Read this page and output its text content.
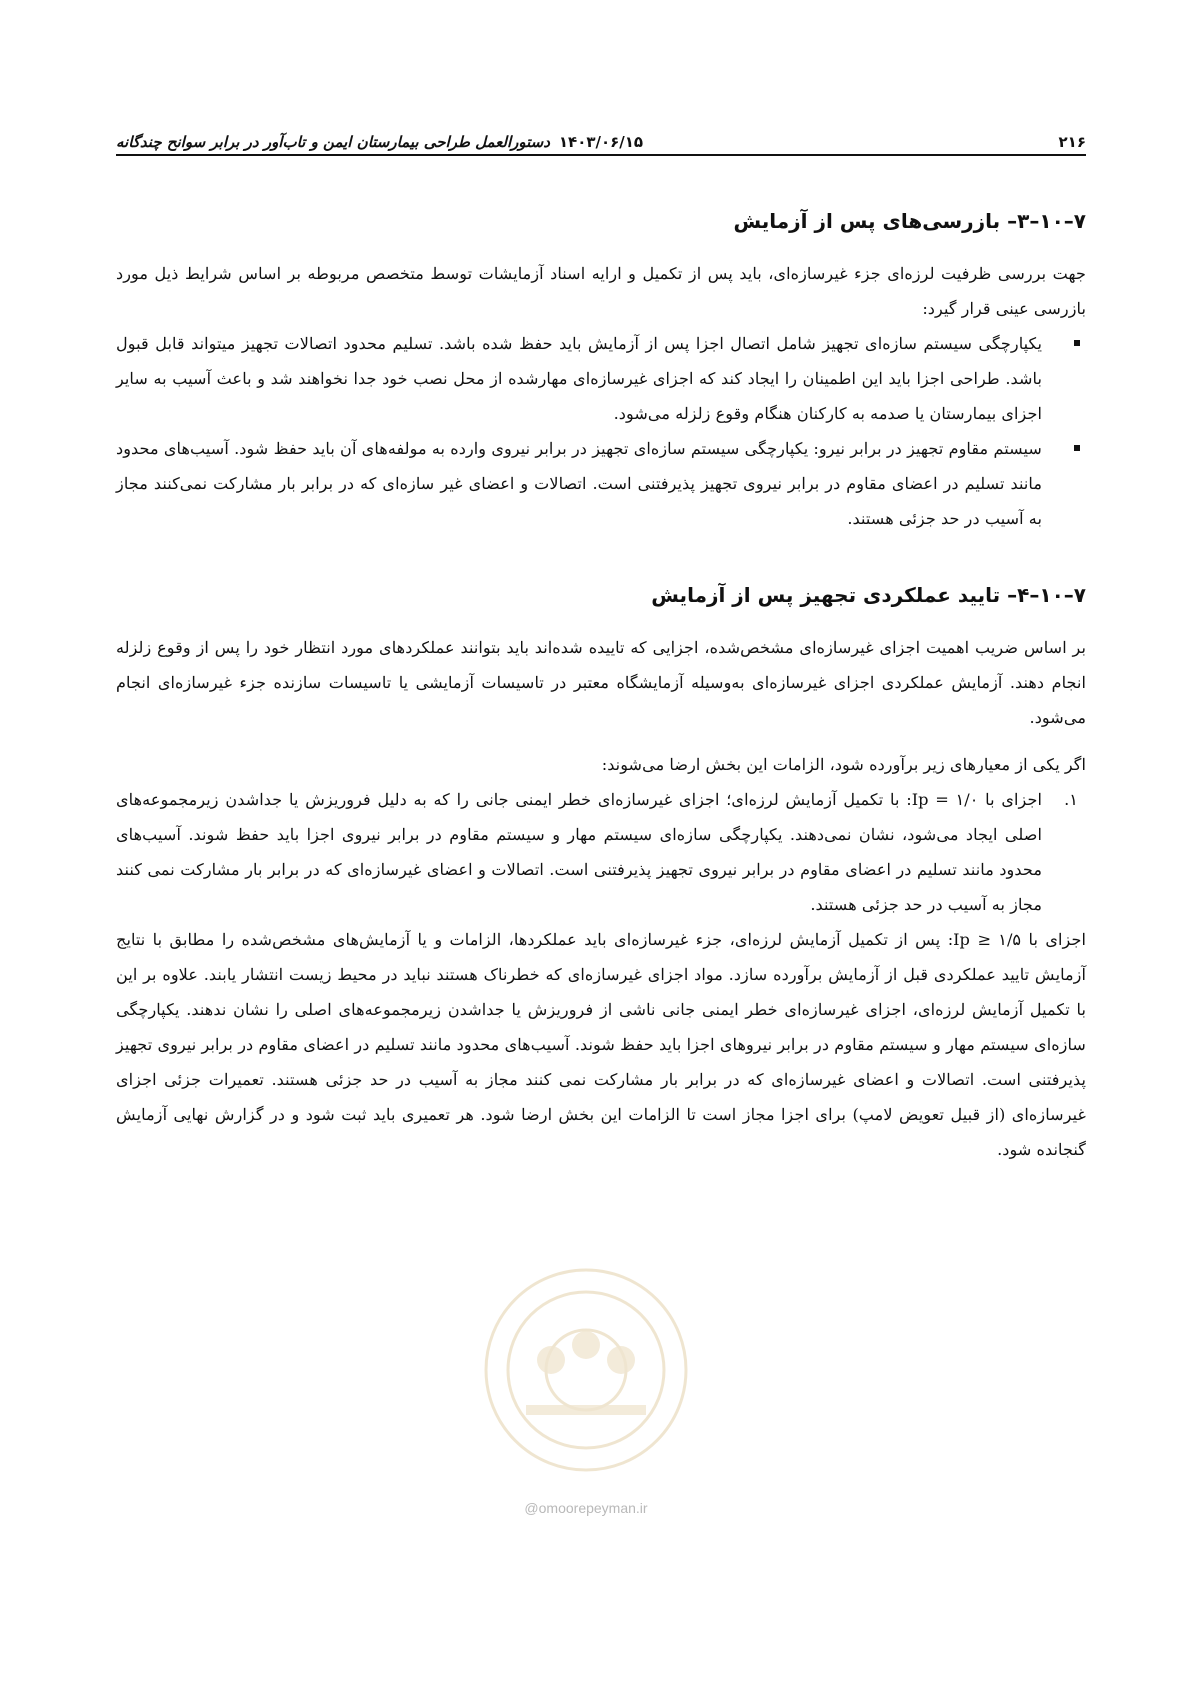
۲۱۶
۱۴۰۳/۰۶/۱۵
دستورالعمل طراحی بیمارستان ایمن و تاب‌آور در برابر سوانح چندگانه
۷–۱۰–۳– بازرسی‌های پس از آزمایش

جهت بررسی ظرفیت لرزه‌ای جزء غیرسازه‌ای، باید پس از تکمیل و ارایه اسناد آزمایشات توسط متخصص مربوطه بر اساس شرایط ذیل مورد بازرسی عینی قرار گیرد:

یکپارچگی سیستم سازه‌ای تجهیز شامل اتصال اجزا پس از آزمایش باید حفظ شده باشد. تسلیم محدود اتصالات تجهیز میتواند قابل قبول باشد. طراحی اجزا باید این اطمینان را ایجاد کند که اجزای غیرسازه‌ای مهارشده از محل نصب خود جدا نخواهند شد و باعث آسیب به سایر اجزای بیمارستان یا صدمه به کارکنان هنگام وقوع زلزله می‌شود.

سیستم مقاوم تجهیز در برابر نیرو: یکپارچگی سیستم سازه‌ای تجهیز در برابر نیروی وارده به مولفه‌های آن باید حفظ شود. آسیب‌های محدود مانند تسلیم در اعضای مقاوم در برابر نیروی تجهیز پذیرفتنی است. اتصالات و اعضای غیر سازه‌ای که در برابر بار مشارکت نمی‌کنند مجاز به آسیب در حد جزئی هستند.

۷–۱۰–۴– تایید عملکردی تجهیز پس از آزمایش

بر اساس ضریب اهمیت اجزای غیرسازه‌ای مشخص‌شده، اجزایی که تاییده شده‌اند باید بتوانند عملکردهای مورد انتظار خود را پس از وقوع زلزله انجام دهند. آزمایش عملکردی اجزای غیرسازه‌ای به‌وسیله آزمایشگاه معتبر در تاسیسات آزمایشی یا تاسیسات سازنده جزء غیرسازه‌ای انجام می‌شود.

اگر یکی از معیارهای زیر برآورده شود، الزامات این بخش ارضا می‌شوند:

۱.

اجزای با Ip = ۱/۰: با تکمیل آزمایش لرزه‌ای؛ اجزای غیرسازه‌ای خطر ایمنی جانی را که به دلیل فروریزش یا جداشدن زیرمجموعه‌های اصلی ایجاد می‌شود، نشان نمی‌دهند. یکپارچگی سازه‌ای سیستم مهار و سیستم مقاوم در برابر نیروی اجزا باید حفظ شوند. آسیب‌های محدود مانند تسلیم در اعضای مقاوم در برابر نیروی تجهیز پذیرفتنی است. اتصالات و اعضای غیرسازه‌ای که در برابر بار مشارکت نمی کنند مجاز به آسیب در حد جزئی هستند.

اجزای با Ip ≥ ۱/۵: پس از تکمیل آزمایش لرزه‌ای، جزء غیرسازه‌ای باید عملکردها، الزامات و یا آزمایش‌های مشخص‌شده را مطابق با نتایج آزمایش تایید عملکردی قبل از آزمایش برآورده سازد. مواد اجزای غیرسازه‌ای که خطرناک هستند نباید در محیط زیست انتشار یابند. علاوه بر این با تکمیل آزمایش لرزه‌ای، اجزای غیرسازه‌ای خطر ایمنی جانی ناشی از فروریزش یا جداشدن زیرمجموعه‌های اصلی را نشان ندهند. یکپارچگی سازه‌ای سیستم مهار و سیستم مقاوم در برابر نیروهای اجزا باید حفظ شوند. آسیب‌های محدود مانند تسلیم در اعضای مقاوم در برابر نیروی تجهیز پذیرفتنی است. اتصالات و اعضای غیرسازه‌ای که در برابر بار مشارکت نمی کنند مجاز به آسیب در حد جزئی هستند. تعمیرات جزئی اجزای غیرسازه‌ای (از قبیل تعویض لامپ) برای اجزا مجاز است تا الزامات این بخش ارضا شود. هر تعمیری باید ثبت شود و در گزارش نهایی آزمایش گنجانده شود.

@omoorepeyman.ir
